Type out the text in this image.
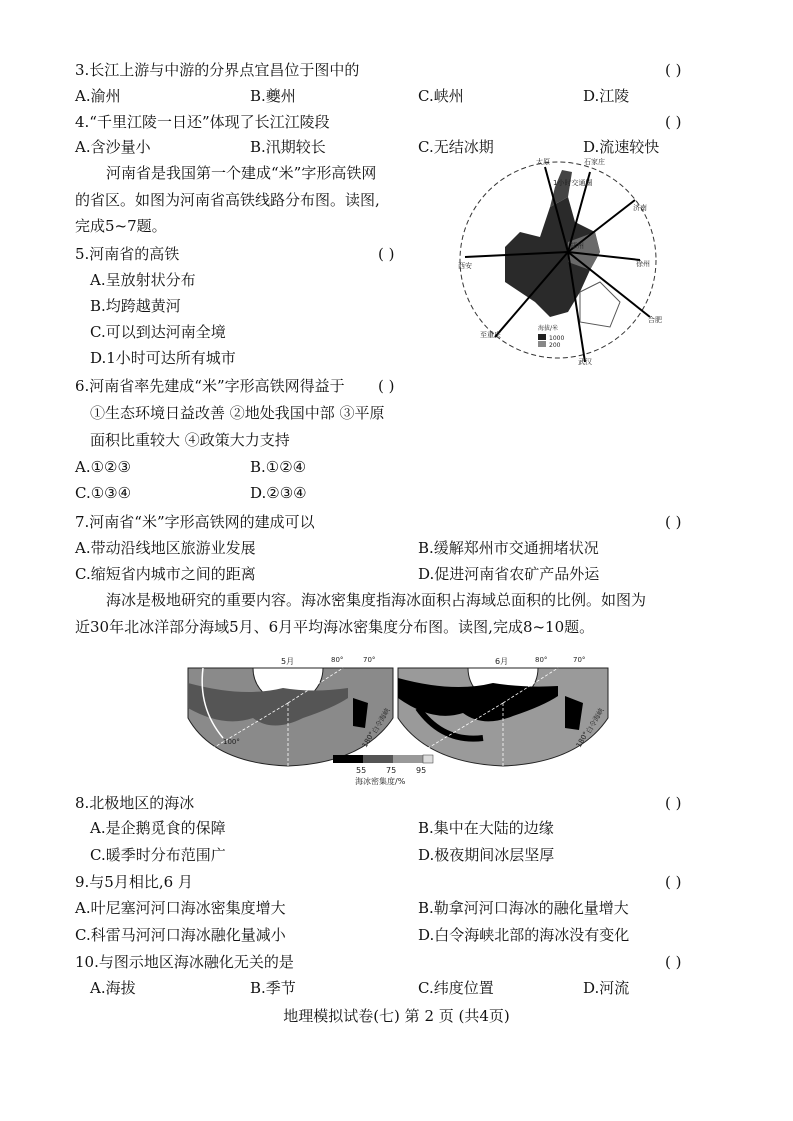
3.长江上游与中游的分界点宜昌位于图中的	( )
A.渝州	B.夔州	C.峡州	D.江陵
4.“千里江陵一日还”体现了长江江陵段	( )
A.含沙量小	B.汛期较长	C.无结冰期	D.流速较快
河南省是我国第一个建成“米”字形高铁网
的省区。如图为河南省高铁线路分布图。读图,
完成5~7题。
5.河南省的高铁	( )
A.呈放射状分布
B.均跨越黄河
C.可以到达河南全境
D.1小时可达所有城市
太原	石家庄
1小时交通圈
济南
西安
郑州
徐州
至重庆
合肥
武汉
海拔/米
1000
200
6.河南省率先建成“米”字形高铁网得益于 ( )
①生态环境日益改善 ②地处我国中部 ③平原
面积比重较大 ④政策大力支持
A.①②③	B.①②④
C.①③④	D.②③④
7.河南省“米”字形高铁网的建成可以	( )
A.带动沿线地区旅游业发展	B.缓解郑州市交通拥堵状况
C.缩短省内城市之间的距离	D.促进河南省农矿产品外运
海冰是极地研究的重要内容。海冰密集度指海冰面积占海域总面积的比例。如图为
近30年北冰洋部分海域5月、6月平均海冰密集度分布图。读图,完成8~10题。
5月	80°	70°
100°	180°
白令海峡
6月	80°	70°
180°
白令海峡
55 75 95
海冰密集度/%
8.北极地区的海冰	( )
A.是企鹅觅食的保障	B.集中在大陆的边缘
C.暖季时分布范围广	D.极夜期间冰层坚厚
9.与5月相比,6 月	( )
A.叶尼塞河河口海冰密集度增大	B.勒拿河河口海冰的融化量增大
C.科雷马河河口海冰融化量减小	D.白令海峡北部的海冰没有变化
10.与图示地区海冰融化无关的是	( )
A.海拔	B.季节	C.纬度位置	D.河流
地理模拟试卷(七) 第 2 页 (共4页)
